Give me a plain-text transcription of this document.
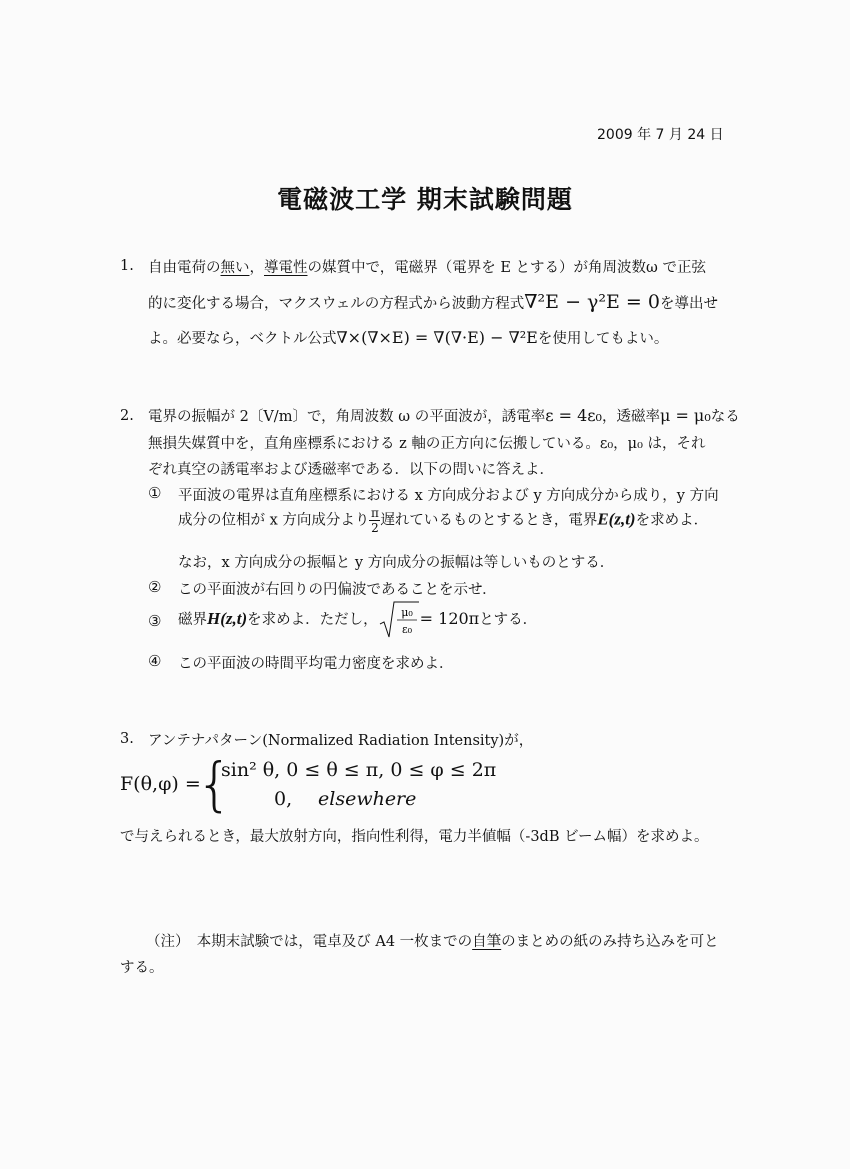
2009 年 7 月 24 日
電磁波工学 期末試験問題
1. 自由電荷の無い，導電性の媒質中で，電磁界（電界を E とする）が角周波数ω で正弦
的に変化する場合，マクスウェルの方程式から波動方程式∇²E − γ²E = 0を導出せ
よ。必要なら，ベクトル公式∇×(∇×E) = ∇(∇·E) − ∇²Eを使用してもよい。
2. 電界の振幅が 2〔V/m〕で，角周波数 ω の平面波が，誘電率ε = 4ε₀，透磁率μ = μ₀なる
無損失媒質中を，直角座標系における z 軸の正方向に伝搬している。ε₀，μ₀ は，それ
ぞれ真空の誘電率および透磁率である．以下の問いに答えよ．
① 平面波の電界は直角座標系における x 方向成分および y 方向成分から成り，y 方向
成分の位相が x 方向成分より $\frac{\pi}{2}$ 遅れているものとするとき，電界E(z,t)を求めよ．
なお，x 方向成分の振幅と y 方向成分の振幅は等しいものとする．
② この平面波が右回りの円偏波であることを示せ．
③ 磁界H(z,t)を求めよ．ただし， μ₀
ε₀
= 120πとする．
④ この平面波の時間平均電力密度を求めよ．
3. アンテナパターン(Normalized Radiation Intensity)が，
F(θ,φ) =
{
sin² θ, 0 ≤ θ ≤ π, 0 ≤ φ ≤ 2π
0, elsewhere
で与えられるとき，最大放射方向，指向性利得，電力半値幅（-3dB ビーム幅）を求めよ。
（注）　本期末試験では，電卓及び A4 一枚までの自筆のまとめの紙のみ持ち込みを可と
する。
